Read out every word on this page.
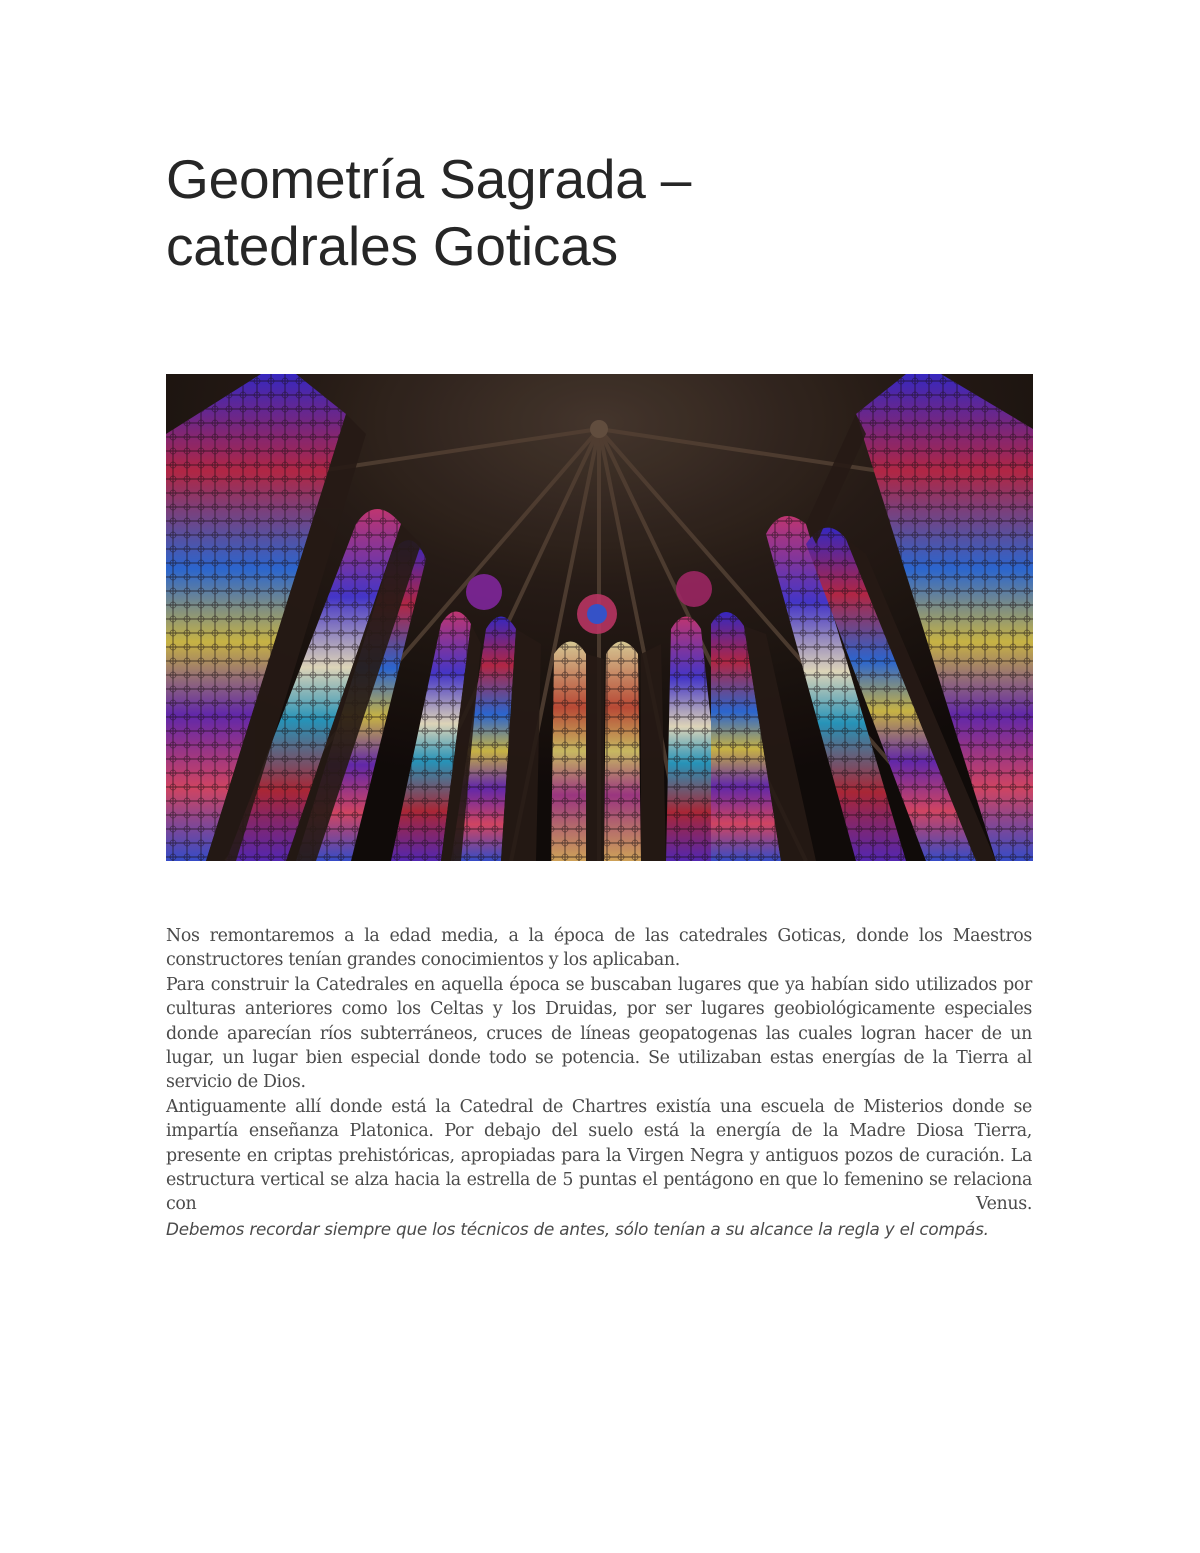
Geometría Sagrada –
catedrales Goticas

Nos remontaremos a la edad media, a la época de las catedrales Goticas, donde los Maestros constructores tenían grandes conocimientos y los aplicaban.

Para construir la Catedrales en aquella época se buscaban lugares que ya habían sido utilizados por culturas anteriores como los Celtas y los Druidas, por ser lugares geobiológicamente especiales donde aparecían ríos subterráneos, cruces de líneas geopatogenas las cuales logran hacer de un lugar, un lugar bien especial donde todo se potencia. Se utilizaban estas energías de la Tierra al servicio de Dios.

Antiguamente allí donde está la Catedral de Chartres existía una escuela de Misterios donde se impartía enseñanza Platonica. Por debajo del suelo está la energía de la Madre Diosa Tierra, presente en criptas prehistóricas, apropiadas para la Virgen Negra y antiguos pozos de curación. La estructura vertical se alza hacia la estrella de 5 puntas el pentágono en que lo femenino se relaciona con Venus.

Debemos recordar siempre que los técnicos de antes, sólo tenían a su alcance la regla y el compás.
